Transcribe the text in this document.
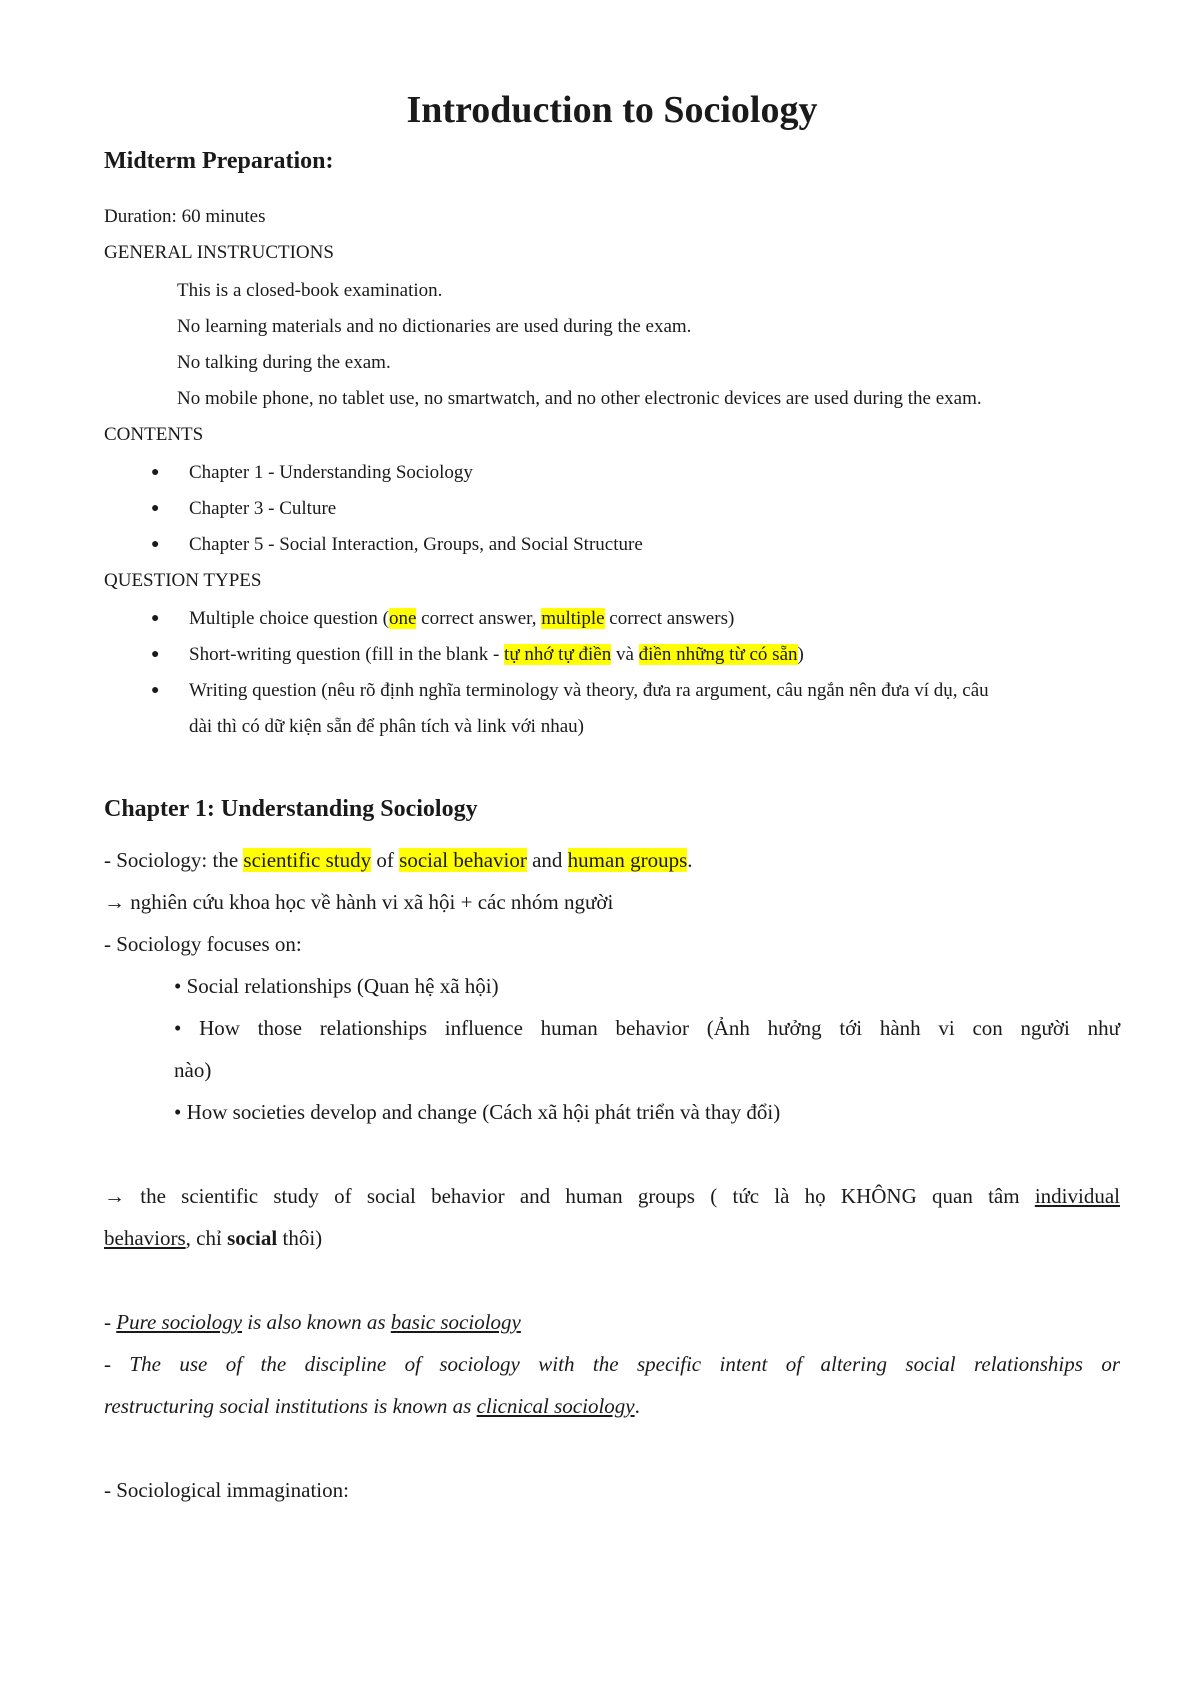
Introduction to Sociology
Midterm Preparation:
Duration: 60 minutes
GENERAL INSTRUCTIONS
This is a closed-book examination.
No learning materials and no dictionaries are used during the exam.
No talking during the exam.
No mobile phone, no tablet use, no smartwatch, and no other electronic devices are used during the exam.
CONTENTS
● Chapter 1 - Understanding Sociology
● Chapter 3 - Culture
● Chapter 5 - Social Interaction, Groups, and Social Structure
QUESTION TYPES
● Multiple choice question (one correct answer, multiple correct answers)
● Short-writing question (fill in the blank - tự nhớ tự điền và điền những từ có sẵn)
● Writing question (nêu rõ định nghĩa terminology và theory, đưa ra argument, câu ngắn nên đưa ví dụ, câu
dài thì có dữ kiện sẵn để phân tích và link với nhau)
Chapter 1: Understanding Sociology
- Sociology: the scientific study of social behavior and human groups.
→ nghiên cứu khoa học về hành vi xã hội + các nhóm người
- Sociology focuses on:
• Social relationships (Quan hệ xã hội)
• How those relationships influence human behavior (Ảnh hưởng tới hành vi con người như
nào)
• How societies develop and change (Cách xã hội phát triển và thay đổi)
→ the scientific study of social behavior and human groups ( tức là họ KHÔNG quan tâm individual
behaviors, chỉ social thôi)
- Pure sociology is also known as basic sociology
- The use of the discipline of sociology with the specific intent of altering social relationships or
restructuring social institutions is known as clicnical sociology.
- Sociological immagination:
